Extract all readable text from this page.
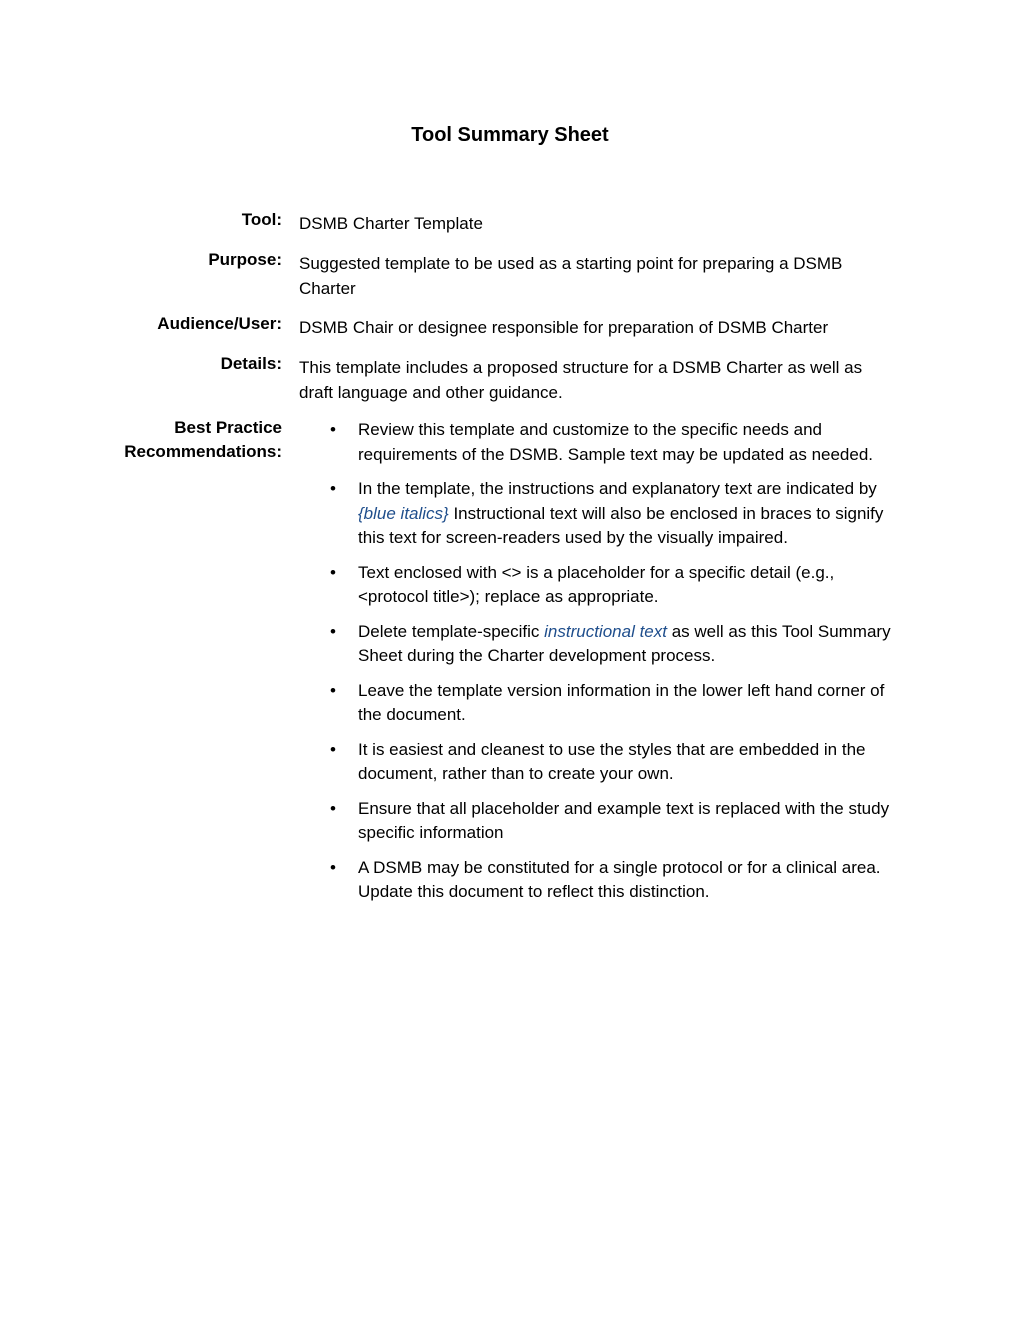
Tool Summary Sheet
Tool: DSMB Charter Template
Purpose: Suggested template to be used as a starting point for preparing a DSMB Charter
Audience/User: DSMB Chair or designee responsible for preparation of DSMB Charter
Details: This template includes a proposed structure for a DSMB Charter as well as draft language and other guidance.
Best Practice
Recommendations:
• Review this template and customize to the specific needs and requirements of the DSMB. Sample text may be updated as needed.
• In the template, the instructions and explanatory text are indicated by {blue italics} Instructional text will also be enclosed in braces to signify this text for screen-readers used by the visually impaired.
• Text enclosed with <> is a placeholder for a specific detail (e.g., <protocol title>); replace as appropriate.
• Delete template-specific instructional text as well as this Tool Summary Sheet during the Charter development process.
• Leave the template version information in the lower left hand corner of the document.
• It is easiest and cleanest to use the styles that are embedded in the document, rather than to create your own.
• Ensure that all placeholder and example text is replaced with the study specific information
• A DSMB may be constituted for a single protocol or for a clinical area. Update this document to reflect this distinction.
